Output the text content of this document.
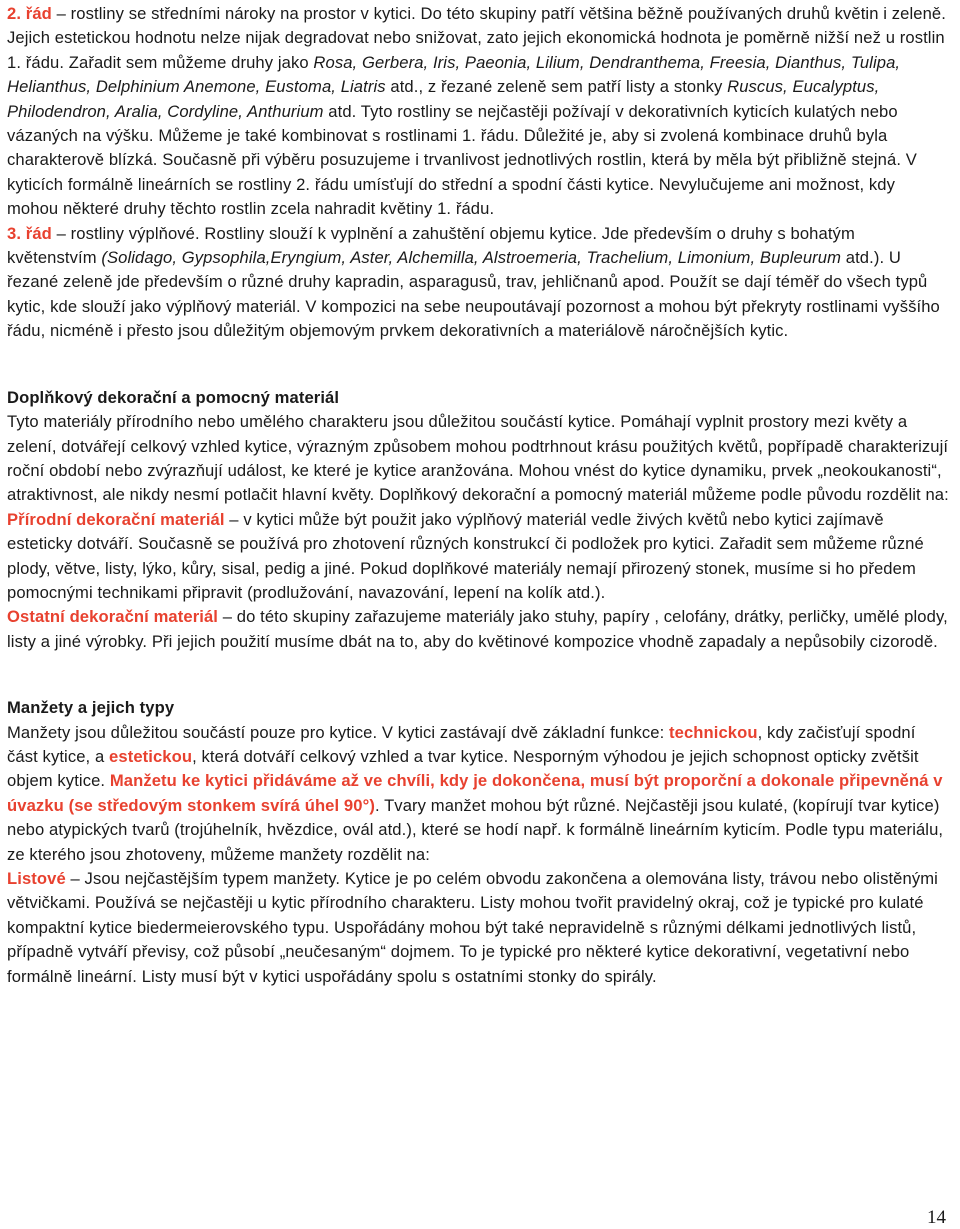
2. řád – rostliny se středními nároky na prostor v kytici. Do této skupiny patří většina běžně používaných druhů květin i zeleně. Jejich estetickou hodnotu nelze nijak degradovat nebo snižovat, zato jejich ekonomická hodnota je poměrně nižší než u rostlin 1. řádu. Zařadit sem můžeme druhy jako Rosa, Gerbera, Iris, Paeonia, Lilium, Dendranthema, Freesia, Dianthus, Tulipa, Helianthus, Delphinium Anemone, Eustoma, Liatris atd., z řezané zeleně sem patří listy a stonky Ruscus, Eucalyptus, Philodendron, Aralia, Cordyline, Anthurium atd. Tyto rostliny se nejčastěji požívají v dekorativních kyticích kulatých nebo vázaných na výšku. Můžeme je také kombinovat s rostlinami 1. řádu. Důležité je, aby si zvolená kombinace druhů byla charakterově blízká. Současně při výběru posuzujeme i trvanlivost jednotlivých rostlin, která by měla být přibližně stejná. V kyticích formálně lineárních se rostliny 2. řádu umísťují do střední a spodní části kytice. Nevylučujeme ani možnost, kdy mohou některé druhy těchto rostlin zcela nahradit květiny 1. řádu.

3. řád – rostliny výplňové. Rostliny slouží k vyplnění a zahuštění objemu kytice. Jde především o druhy s bohatým květenstvím (Solidago, Gypsophila,Eryngium, Aster, Alchemilla, Alstroemeria, Trachelium, Limonium, Bupleurum atd.). U řezané zeleně jde především o různé druhy kapradin, asparagusů, trav, jehličnanů apod. Použít se dají téměř do všech typů kytic, kde slouží jako výplňový materiál. V kompozici na sebe neupoutávají pozornost a mohou být překryty rostlinami vyššího řádu, nicméně i přesto jsou důležitým objemovým prvkem dekorativních a materiálově náročnějších kytic.

Doplňkový dekorační a pomocný materiál

Tyto materiály přírodního nebo umělého charakteru jsou důležitou součástí kytice. Pomáhají vyplnit prostory mezi květy a zelení, dotvářejí celkový vzhled kytice, výrazným způsobem mohou podtrhnout krásu použitých květů, popřípadě charakterizují roční období nebo zvýrazňují událost, ke které je kytice aranžována. Mohou vnést do kytice dynamiku, prvek „neokoukanosti“, atraktivnost, ale nikdy nesmí potlačit hlavní květy. Doplňkový dekorační a pomocný materiál můžeme podle původu rozdělit na:

Přírodní dekorační materiál – v kytici může být použit jako výplňový materiál vedle živých květů nebo kytici zajímavě esteticky dotváří. Současně se používá pro zhotovení různých konstrukcí či podložek pro kytici. Zařadit sem můžeme různé plody, větve, listy, lýko, kůry, sisal, pedig a jiné. Pokud doplňkové materiály nemají přirozený stonek, musíme si ho předem pomocnými technikami připravit (prodlužování, navazování, lepení na kolík atd.).

Ostatní dekorační materiál – do této skupiny zařazujeme materiály jako stuhy, papíry , celofány, drátky, perličky, umělé plody, listy a jiné výrobky. Při jejich použití musíme dbát na to, aby do květinové kompozice vhodně zapadaly a nepůsobily cizorodě.

Manžety a jejich typy

Manžety jsou důležitou součástí pouze pro kytice. V kytici zastávají dvě základní funkce: technickou, kdy začisťují spodní část kytice, a estetickou, která dotváří celkový vzhled a tvar kytice. Nesporným výhodou je jejich schopnost opticky zvětšit objem kytice. Manžetu ke kytici přidáváme až ve chvíli, kdy je dokončena, musí být proporční a dokonale připevněná v úvazku (se středovým stonkem svírá úhel 90°). Tvary manžet mohou být různé. Nejčastěji jsou kulaté, (kopírují tvar kytice) nebo atypických tvarů (trojúhelník, hvězdice, ovál atd.), které se hodí např. k formálně lineárním kyticím. Podle typu materiálu, ze kterého jsou zhotoveny, můžeme manžety rozdělit na:

Listové – Jsou nejčastějším typem manžety. Kytice je po celém obvodu zakončena a olemována listy, trávou nebo olistěnými větvičkami. Používá se nejčastěji u kytic přírodního charakteru. Listy mohou tvořit pravidelný okraj, což je typické pro kulaté kompaktní kytice biedermeierovského typu. Uspořádány mohou být také nepravidelně s různými délkami jednotlivých listů, případně vytváří převisy, což působí „neučesaným“ dojmem. To je typické pro některé kytice dekorativní, vegetativní nebo formálně lineární. Listy musí být v kytici uspořádány spolu s ostatními stonky do spirály.

14
